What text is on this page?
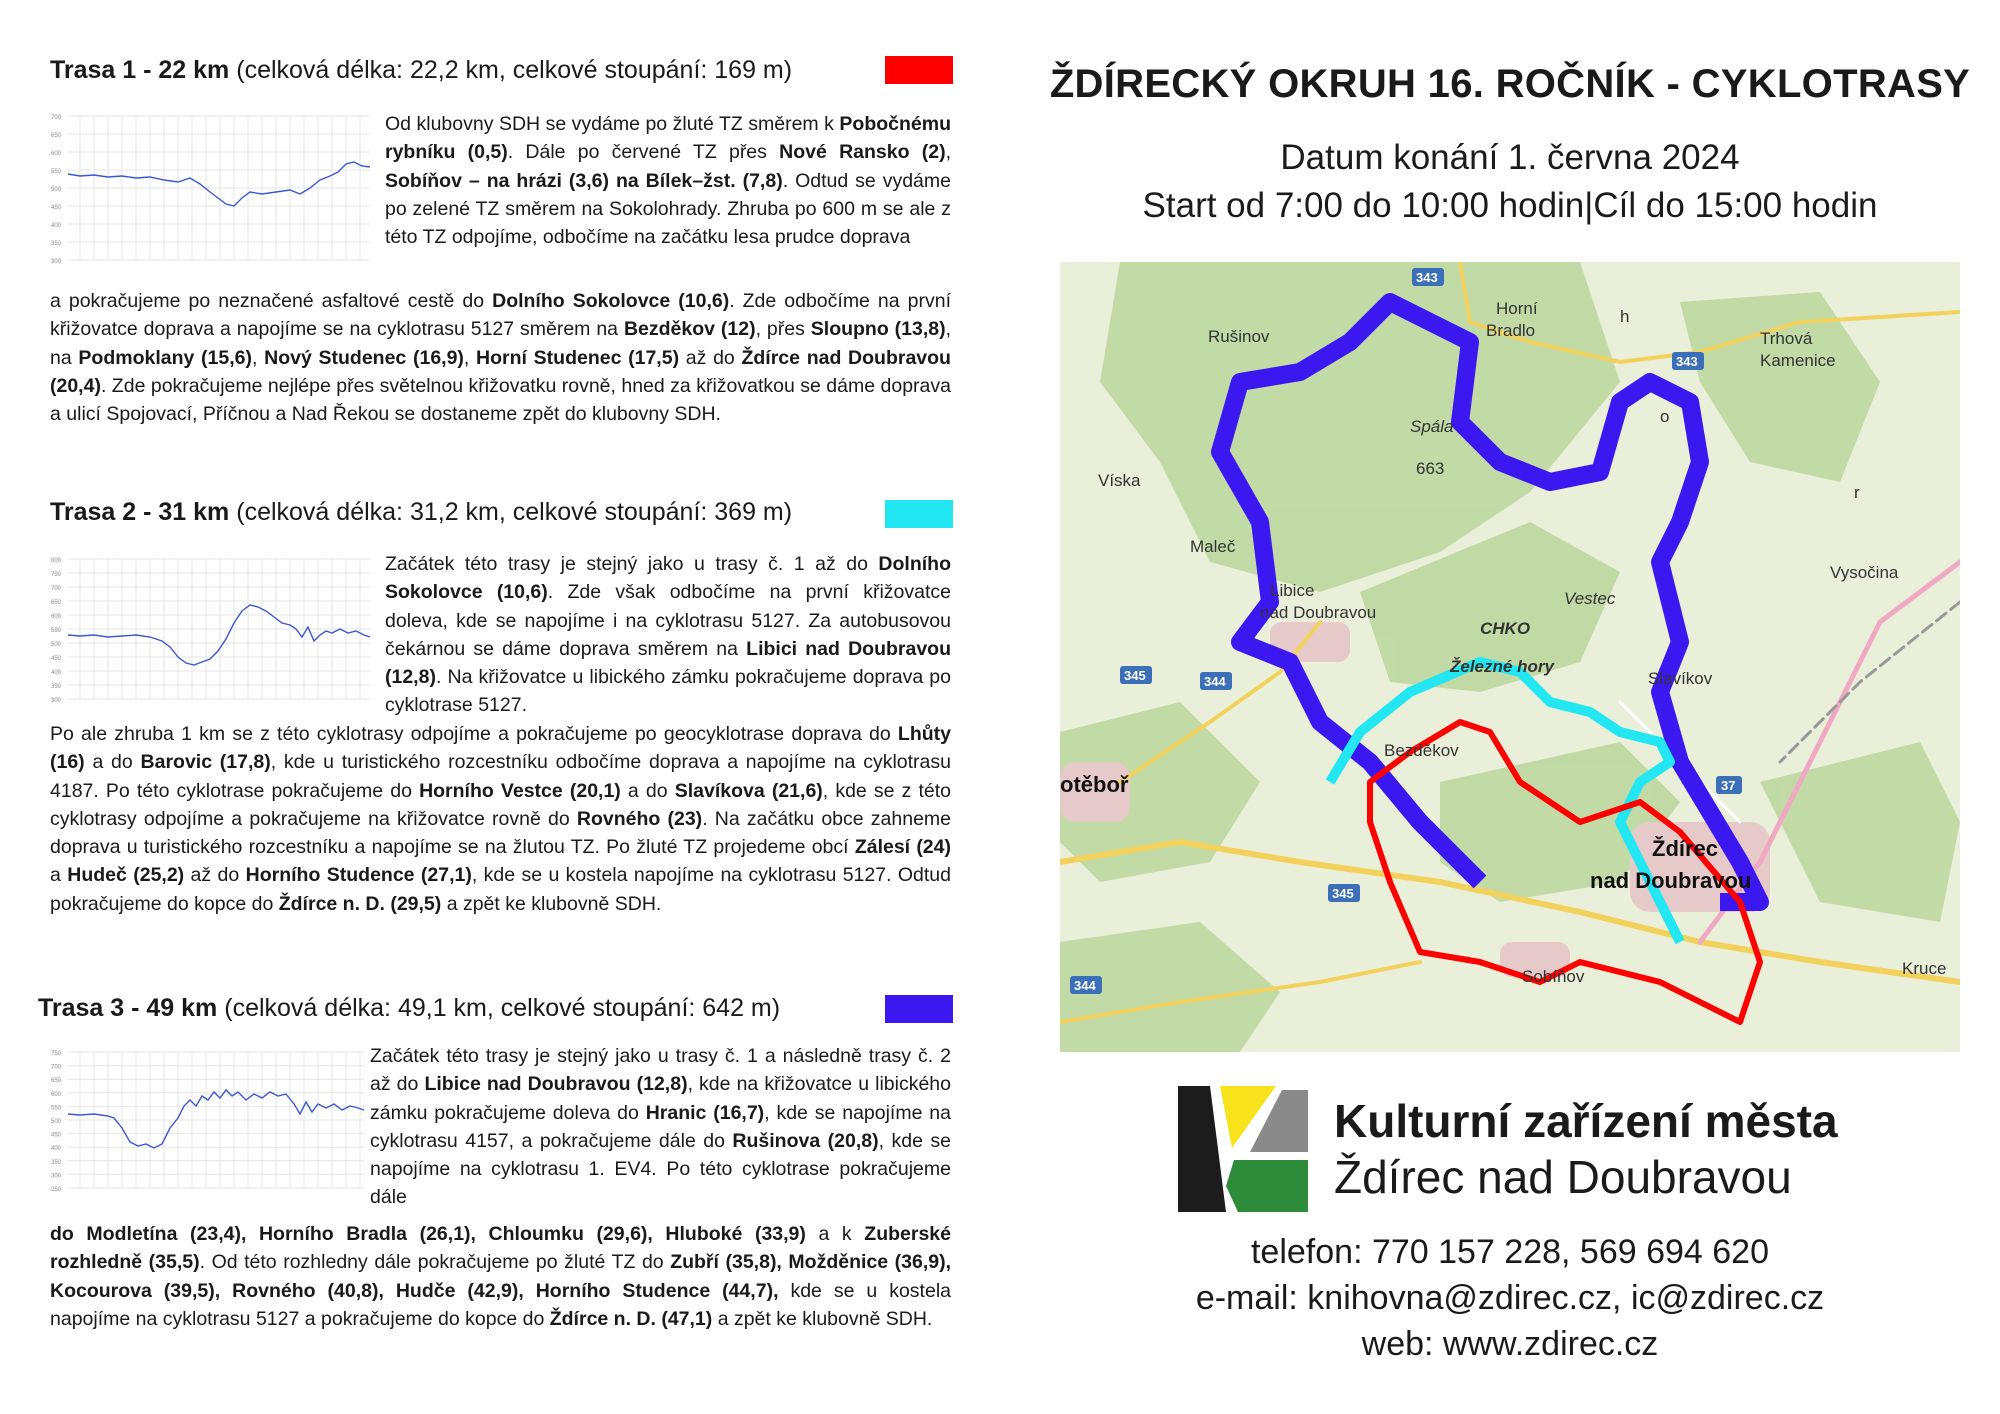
Trasa 1 - 22 km (celková délka: 22,2 km, celkové stoupání: 169 m)
700
650
600
550
500
450
400
350
300
Od klubovny SDH se vydáme po žluté TZ směrem k Pobočnému rybníku (0,5). Dále po červené TZ přes Nové Ransko (2), Sobíňov – na hrázi (3,6) na Bílek–žst. (7,8). Odtud se vydáme po zelené TZ směrem na Sokolohrady. Zhruba po 600 m se ale z této TZ odpojíme, odbočíme na začátku lesa prudce doprava
a pokračujeme po neznačené asfaltové cestě do Dolního Sokolovce (10,6). Zde odbočíme na první křižovatce doprava a napojíme se na cyklotrasu 5127 směrem na Bezděkov (12), přes Sloupno (13,8), na Podmoklany (15,6), Nový Studenec (16,9), Horní Studenec (17,5) až do Ždírce nad Doubravou (20,4). Zde pokračujeme nejlépe přes světelnou křižovatku rovně, hned za křižovatkou se dáme doprava a ulicí Spojovací, Příčnou a Nad Řekou se dostaneme zpět do klubovny SDH.
Trasa 2 - 31 km (celková délka: 31,2 km, celkové stoupání: 369 m)
800
750
700
650
600
550
500
450
400
350
300
Začátek této trasy je stejný jako u trasy č. 1 až do Dolního Sokolovce (10,6). Zde však odbočíme na první křižovatce doleva, kde se napojíme i na cyklotrasu 5127. Za autobusovou čekárnou se dáme doprava směrem na Libici nad Doubravou (12,8). Na křižovatce u libického zámku pokračujeme doprava po cyklotrase 5127.
Po ale zhruba 1 km se z této cyklotrasy odpojíme a pokračujeme po geocyklotrase doprava do Lhůty (16) a do Barovic (17,8), kde u turistického rozcestníku odbočíme doprava a napojíme na cyklotrasu 4187. Po této cyklotrase pokračujeme do Horního Vestce (20,1) a do Slavíkova (21,6), kde se z této cyklotrasy odpojíme a pokračujeme na křižovatce rovně do Rovného (23). Na začátku obce zahneme doprava u turistického rozcestníku a napojíme se na žlutou TZ. Po žluté TZ projedeme obcí Zálesí (24) a Hudeč (25,2) až do Horního Studence (27,1), kde se u kostela napojíme na cyklotrasu 5127. Odtud pokračujeme do kopce do Ždírce n. D. (29,5) a zpět ke klubovně SDH.
Trasa 3 - 49 km (celková délka: 49,1 km, celkové stoupání: 642 m)
750
700
650
600
550
500
450
400
350
300
250
Začátek této trasy je stejný jako u trasy č. 1 a následně trasy č. 2 až do Libice nad Doubravou (12,8), kde na křižovatce u libického zámku pokračujeme doleva do Hranic (16,7), kde se napojíme na cyklotrasu 4157, a pokračujeme dále do Rušinova (20,8), kde se napojíme na cyklotrasu 1. EV4. Po této cyklotrase pokračujeme dále
do Modletína (23,4), Horního Bradla (26,1), Chloumku (29,6), Hluboké (33,9) a k Zuberské rozhledně (35,5). Od této rozhledny dále pokračujeme po žluté TZ do Zubří (35,8), Možděnice (36,9), Kocourova (39,5), Rovného (40,8), Hudče (42,9), Horního Studence (44,7), kde se u kostela napojíme na cyklotrasu 5127 a pokračujeme do kopce do Ždírce n. D. (47,1) a zpět ke klubovně SDH.
ŽDÍRECKÝ OKRUH 16. ROČNÍK - CYKLOTRASY
Datum konání 1. června 2024
Start od 7:00 do 10:00 hodin|Cíl do 15:00 hodin
Rušinov
Horní
Bradlo	Trhová
Kamenice
Víska
Maleč
Spála
663
Libice
nad Doubravou
CHKO
Železné hory
Vysočina
Slavíkov
Vestec
otěboř
Bezděkov
Ždírec
nad Doubravou
Sobíňov	Kruce
h
o
r
343
343
345	344
345
344
37
Kulturní zařízení města
Ždírec nad Doubravou
telefon: 770 157 228, 569 694 620
e-mail: knihovna@zdirec.cz, ic@zdirec.cz
web: www.zdirec.cz
